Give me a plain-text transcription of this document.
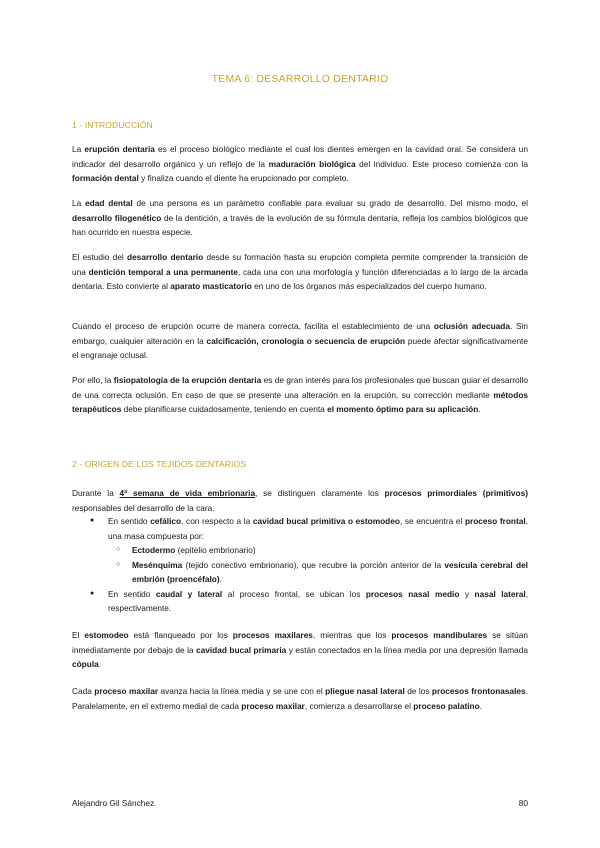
TEMA 6: DESARROLLO DENTARIO
1 - INTRODUCCIÓN
La erupción dentaria es el proceso biológico mediante el cual los dientes emergen en la cavidad oral. Se considera un indicador del desarrollo orgánico y un reflejo de la maduración biológica del individuo. Este proceso comienza con la formación dental y finaliza cuando el diente ha erupcionado por completo.
La edad dental de una persona es un parámetro confiable para evaluar su grado de desarrollo. Del mismo modo, el desarrollo filogenético de la dentición, a través de la evolución de su fórmula dentaria, refleja los cambios biológicos que han ocurrido en nuestra especie.
El estudio del desarrollo dentario desde su formación hasta su erupción completa permite comprender la transición de una dentición temporal a una permanente, cada una con una morfología y función diferenciadas a lo largo de la arcada dentaria. Esto convierte al aparato masticatorio en uno de los órganos más especializados del cuerpo humano.
Cuando el proceso de erupción ocurre de manera correcta, facilita el establecimiento de una oclusión adecuada. Sin embargo, cualquier alteración en la calcificación, cronología o secuencia de erupción puede afectar significativamente el engranaje oclusal.
Por ello, la fisiopatología de la erupción dentaria es de gran interés para los profesionales que buscan guiar el desarrollo de una correcta oclusión. En caso de que se presente una alteración en la erupción, su corrección mediante métodos terapéuticos debe planificarse cuidadosamente, teniendo en cuenta el momento óptimo para su aplicación.
2 - ORIGEN DE LOS TEJIDOS DENTARIOS
Durante la 4ª semana de vida embrionaria, se distinguen claramente los procesos primordiales (primitivos) responsables del desarrollo de la cara.
● En sentido cefálico, con respecto a la cavidad bucal primitiva o estomodeo, se encuentra el proceso frontal, una masa compuesta por:
○ Ectodermo (epitelio embrionario)
○ Mesénquima (tejido conectivo embrionario), que recubre la porción anterior de la vesícula cerebral del embrión (proencéfalo).
● En sentido caudal y lateral al proceso frontal, se ubican los procesos nasal medio y nasal lateral, respectivamente.
El estomodeo está flanqueado por los procesos maxilares, mientras que los procesos mandibulares se sitúan inmediatamente por debajo de la cavidad bucal primaria y están conectados en la línea media por una depresión llamada cópula.
Cada proceso maxilar avanza hacia la línea media y se une con el pliegue nasal lateral de los procesos frontonasales. Paralelamente, en el extremo medial de cada proceso maxilar, comienza a desarrollarse el proceso palatino.
Alejandro Gil Sánchez	80
